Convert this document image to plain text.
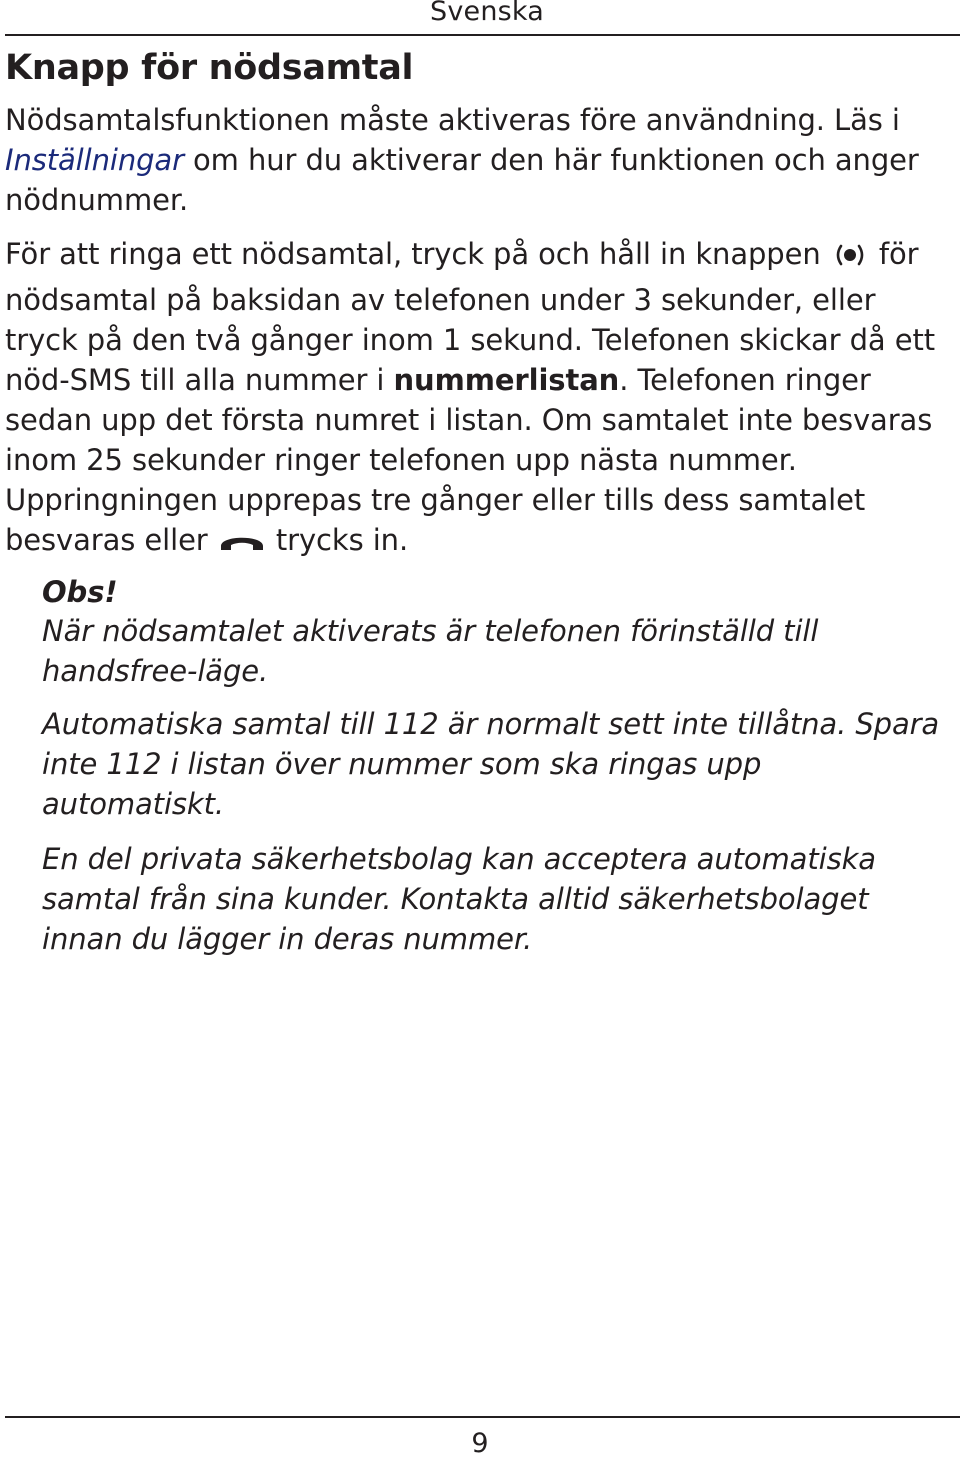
Svenska
Knapp för nödsamtal

Nödsamtalsfunktionen måste aktiveras före användning. Läs i Inställningar om hur du aktiverar den här funktionen och anger nödnummer.

För att ringa ett nödsamtal, tryck på och håll in knappen  för nödsamtal på baksidan av telefonen under 3 sekunder, eller tryck på den två gånger inom 1 sekund. Telefonen skickar då ett nöd-SMS till alla nummer i nummerlistan. Telefonen ringer sedan upp det första numret i listan. Om samtalet inte besvaras inom 25 sekunder ringer telefonen upp nästa nummer. Uppringningen upprepas tre gånger eller tills dess samtalet besvaras eller  trycks in.

Obs!

När nödsamtalet aktiverats är telefonen förinställd till handsfree-läge.

Automatiska samtal till 112 är normalt sett inte tillåtna. Spara inte 112 i listan över nummer som ska ringas upp automatiskt.

En del privata säkerhetsbolag kan acceptera automatiska samtal från sina kunder. Kontakta alltid säkerhetsbolaget innan du lägger in deras nummer.

9
